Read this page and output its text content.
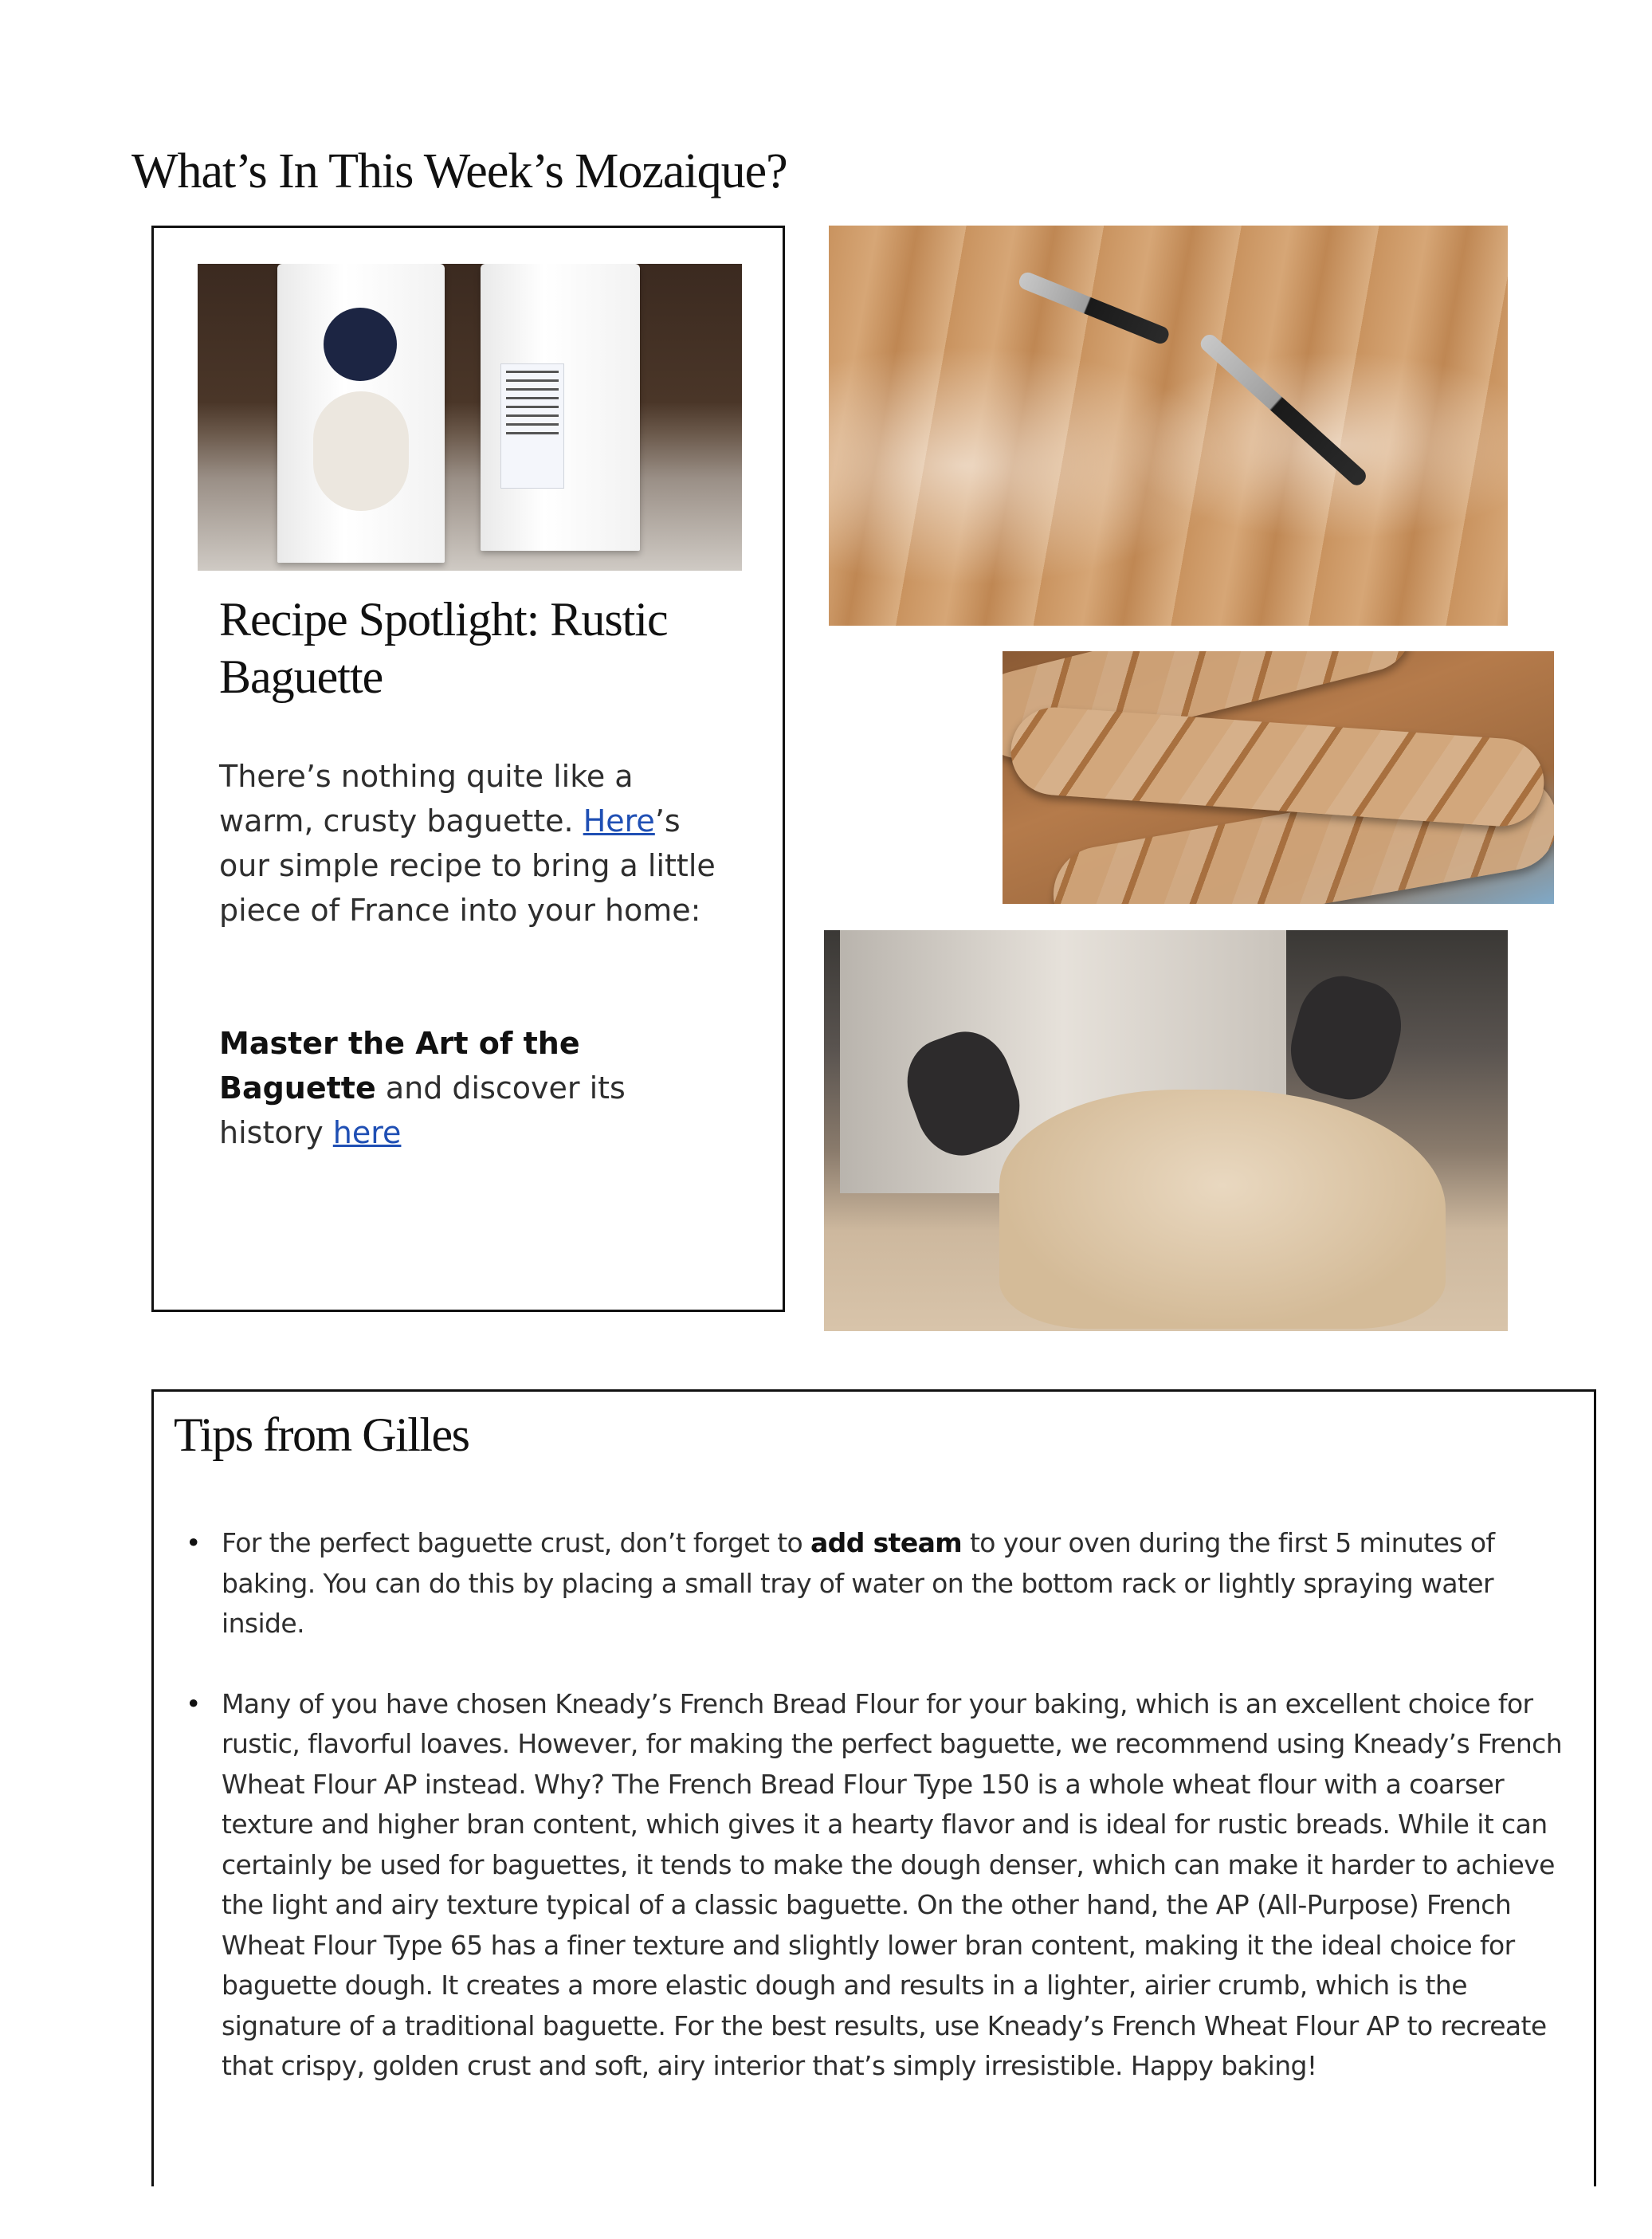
What’s In This Week’s Mozaique?
Recipe Spotlight: Rustic Baguette

There’s nothing quite like a warm, crusty baguette. Here’s our simple recipe to bring a little piece of France into your home:

Master the Art of the Baguette and discover its history here

Tips from Gilles
• For the perfect baguette crust, don’t forget to add steam to your oven during the first 5 minutes of baking. You can do this by placing a small tray of water on the bottom rack or lightly spraying water inside.
• Many of you have chosen Kneady’s French Bread Flour for your baking, which is an excellent choice for rustic, flavorful loaves. However, for making the perfect baguette, we recommend using Kneady’s French Wheat Flour AP instead. Why? The French Bread Flour Type 150 is a whole wheat flour with a coarser texture and higher bran content, which gives it a hearty flavor and is ideal for rustic breads. While it can certainly be used for baguettes, it tends to make the dough denser, which can make it harder to achieve the light and airy texture typical of a classic baguette. On the other hand, the AP (All-Purpose) French Wheat Flour Type 65 has a finer texture and slightly lower bran content, making it the ideal choice for baguette dough. It creates a more elastic dough and results in a lighter, airier crumb, which is the signature of a traditional baguette. For the best results, use Kneady’s French Wheat Flour AP to recreate that crispy, golden crust and soft, airy interior that’s simply irresistible. Happy baking!
